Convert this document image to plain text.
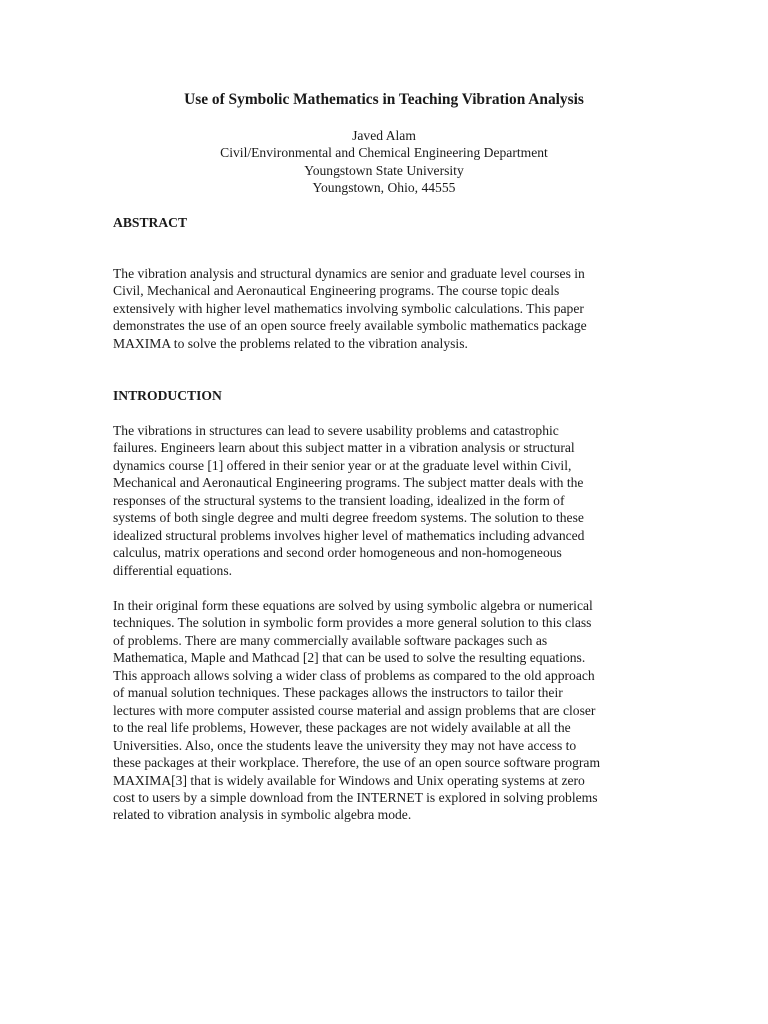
Use of Symbolic Mathematics in Teaching Vibration Analysis
Javed Alam
Civil/Environmental and Chemical Engineering Department
Youngstown State University
Youngstown, Ohio, 44555
ABSTRACT
The vibration analysis and structural dynamics are senior and graduate level courses in
Civil, Mechanical and Aeronautical Engineering programs. The course topic deals
extensively with higher level mathematics involving symbolic calculations. This paper
demonstrates the use of an open source freely available symbolic mathematics package
MAXIMA to solve the problems related to the vibration analysis.
INTRODUCTION
The vibrations in structures can lead to severe usability problems and catastrophic
failures. Engineers learn about this subject matter in a vibration analysis or structural
dynamics course [1] offered in their senior year or at the graduate level within Civil,
Mechanical and Aeronautical Engineering programs. The subject matter deals with the
responses of the structural systems to the transient loading, idealized in the form of
systems of both single degree and multi degree freedom systems. The solution to these
idealized structural problems involves higher level of mathematics including advanced
calculus, matrix operations and second order homogeneous and non-homogeneous
differential equations.
In their original form these equations are solved by using symbolic algebra or numerical
techniques. The solution in symbolic form provides a more general solution to this class
of problems. There are many commercially available software packages such as
Mathematica, Maple and Mathcad [2] that can be used to solve the resulting equations.
This approach allows solving a wider class of problems as compared to the old approach
of manual solution techniques. These packages allows the instructors to tailor their
lectures with more computer assisted course material and assign problems that are closer
to the real life problems, However, these packages are not widely available at all the
Universities. Also, once the students leave the university they may not have access to
these packages at their workplace. Therefore, the use of an open source software program
MAXIMA[3] that is widely available for Windows and Unix operating systems at zero
cost to users by a simple download from the INTERNET is explored in solving problems
related to vibration analysis in symbolic algebra mode.
